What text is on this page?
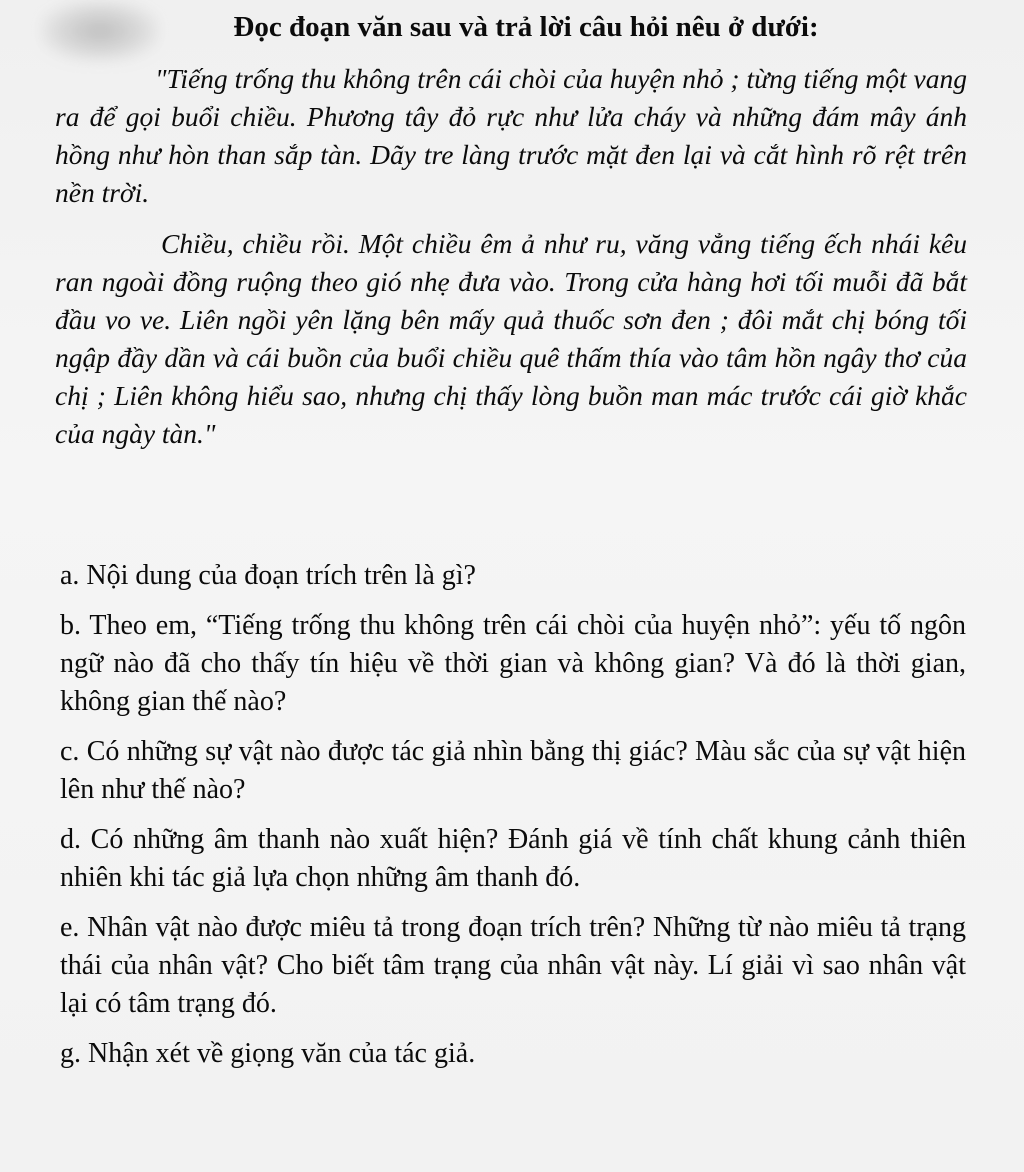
Đọc đoạn văn sau và trả lời câu hỏi nêu ở dưới:

"Tiếng trống thu không trên cái chòi của huyện nhỏ ; từng tiếng một vang ra để gọi buổi chiều. Phương tây đỏ rực như lửa cháy và những đám mây ánh hồng như hòn than sắp tàn. Dãy tre làng trước mặt đen lại và cắt hình rõ rệt trên nền trời.

Chiều, chiều rồi. Một chiều êm ả như ru, văng vẳng tiếng ếch nhái kêu ran ngoài đồng ruộng theo gió nhẹ đưa vào. Trong cửa hàng hơi tối muỗi đã bắt đầu vo ve. Liên ngồi yên lặng bên mấy quả thuốc sơn đen ; đôi mắt chị bóng tối ngập đầy dần và cái buồn của buổi chiều quê thấm thía vào tâm hồn ngây thơ của chị ; Liên không hiểu sao, nhưng chị thấy lòng buồn man mác trước cái giờ khắc của ngày tàn."

a. Nội dung của đoạn trích trên là gì?

b. Theo em, “Tiếng trống thu không trên cái chòi của huyện nhỏ”: yếu tố ngôn ngữ nào đã cho thấy tín hiệu về thời gian và không gian? Và đó là thời gian, không gian thế nào?

c. Có những sự vật nào được tác giả nhìn bằng thị giác? Màu sắc của sự vật hiện lên như thế nào?

d. Có những âm thanh nào xuất hiện? Đánh giá về tính chất khung cảnh thiên nhiên khi tác giả lựa chọn những âm thanh đó.

e. Nhân vật nào được miêu tả trong đoạn trích trên? Những từ nào miêu tả trạng thái của nhân vật? Cho biết tâm trạng của nhân vật này. Lí giải vì sao nhân vật lại có tâm trạng đó.

g. Nhận xét về giọng văn của tác giả.
